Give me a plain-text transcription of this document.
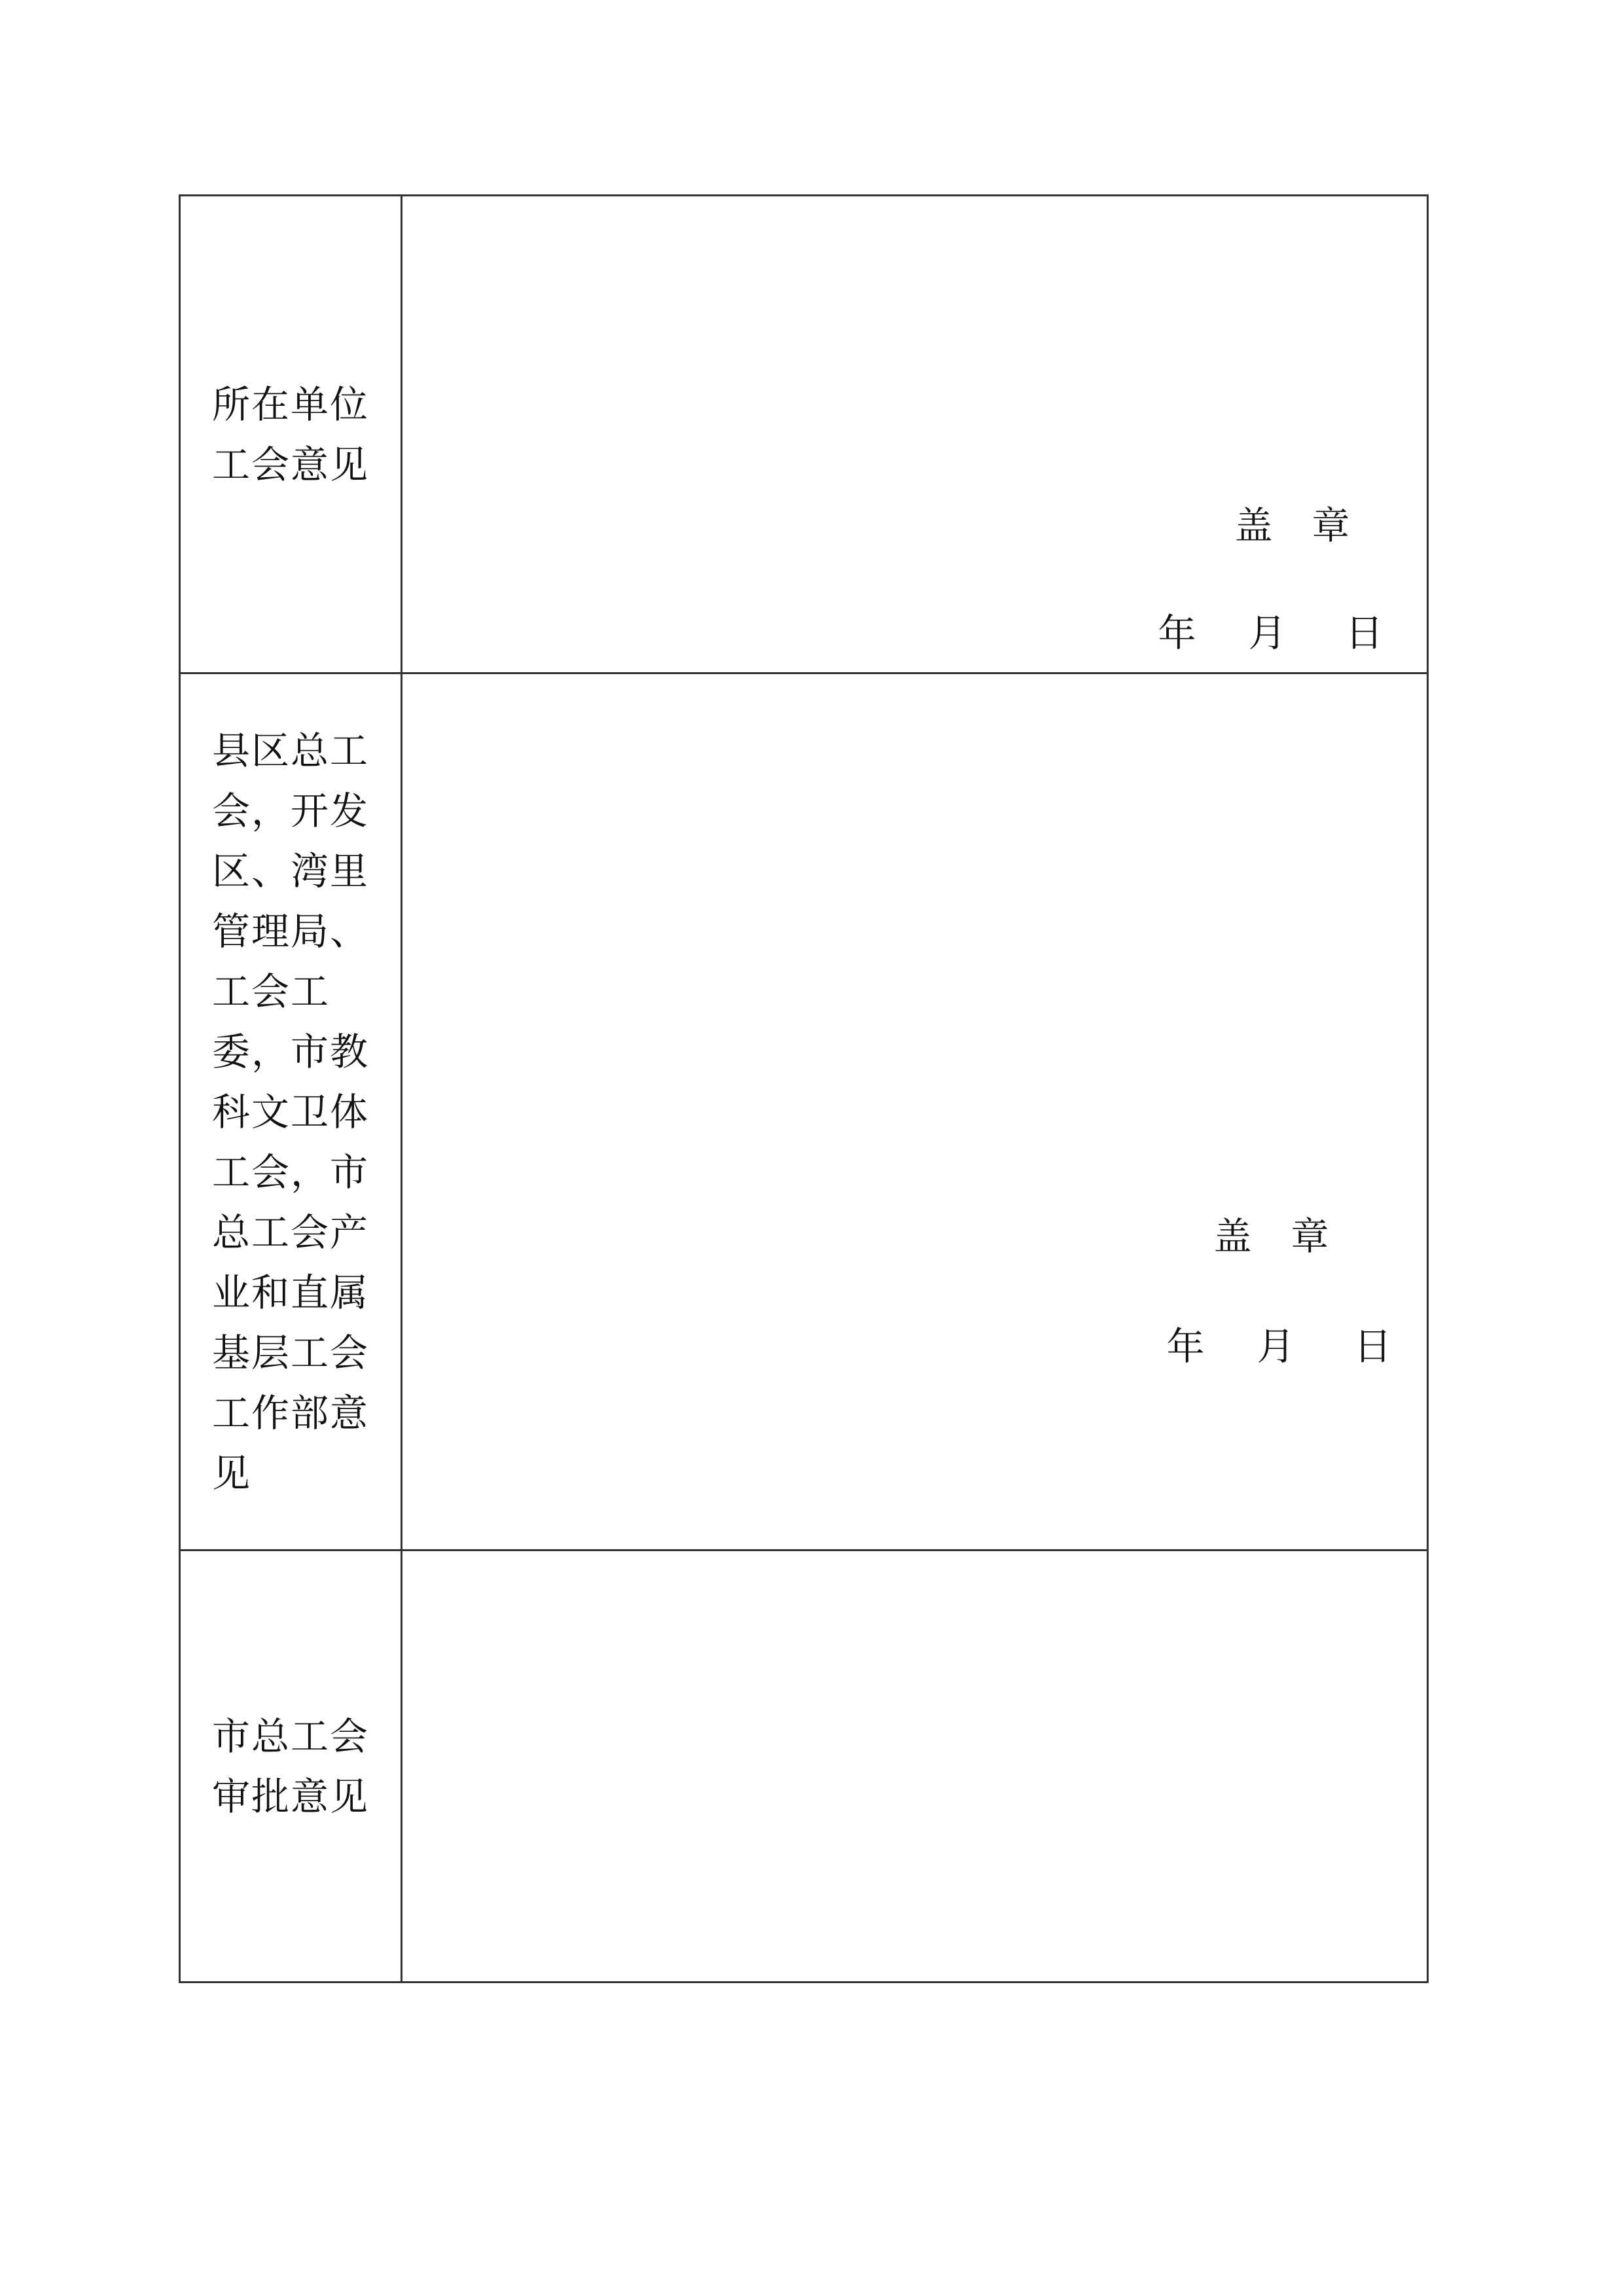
所在单位工会意见	盖 章
年 月 日

县区总工会，开发区、湾里管理局、工会工委，市教科文卫体工会，市总工会产业和直属基层工会工作部意见	盖 章
年 月 日

市总工会审批意见	
